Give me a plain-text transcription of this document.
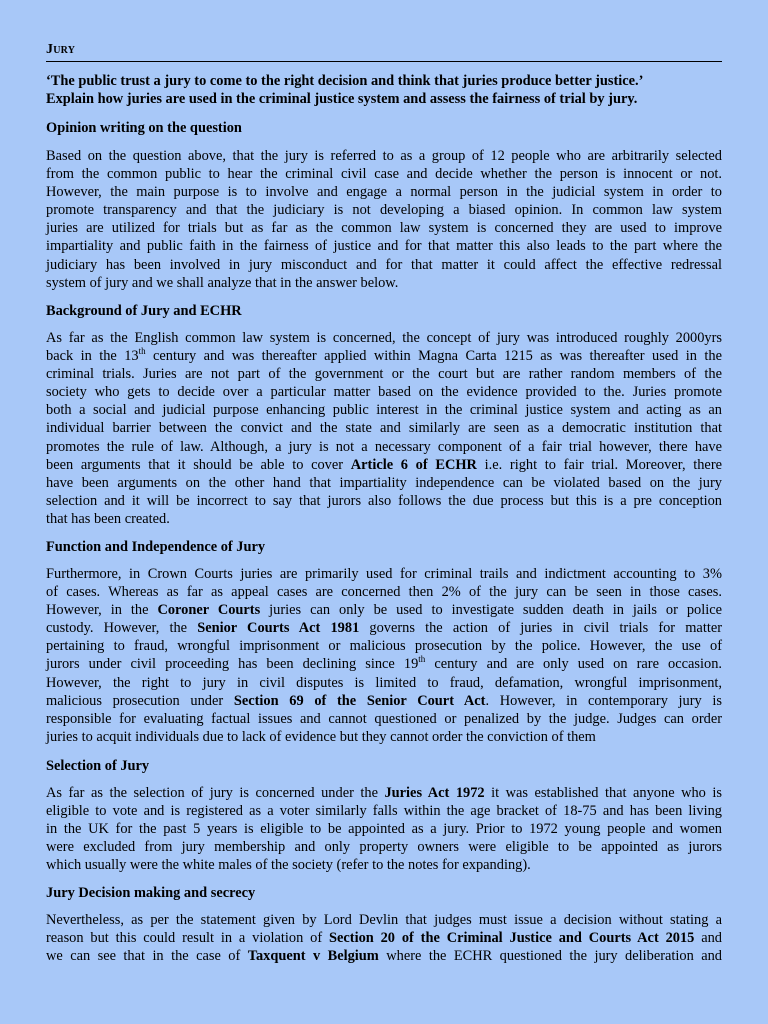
Jury
‘The public trust a jury to come to the right decision and think that juries produce better justice.’
Explain how juries are used in the criminal justice system and assess the fairness of trial by jury.
Opinion writing on the question
Based on the question above, that the jury is referred to as a group of 12 people who are arbitrarily selected
from the common public to hear the criminal civil case and decide whether the person is innocent or not.
However, the main purpose is to involve and engage a normal person in the judicial system in order to
promote transparency and that the judiciary is not developing a biased opinion. In common law system
juries are utilized for trials but as far as the common law system is concerned they are used to improve
impartiality and public faith in the fairness of justice and for that matter this also leads to the part where the
judiciary has been involved in jury misconduct and for that matter it could affect the effective redressal
system of jury and we shall analyze that in the answer below.
Background of Jury and ECHR
As far as the English common law system is concerned, the concept of jury was introduced roughly 2000yrs
back in the 13th century and was thereafter applied within Magna Carta 1215 as was thereafter used in the
criminal trials. Juries are not part of the government or the court but are rather random members of the
society who gets to decide over a particular matter based on the evidence provided to the. Juries promote
both a social and judicial purpose enhancing public interest in the criminal justice system and acting as an
individual barrier between the convict and the state and similarly are seen as a democratic institution that
promotes the rule of law. Although, a jury is not a necessary component of a fair trial however, there have
been arguments that it should be able to cover Article 6 of ECHR i.e. right to fair trial. Moreover, there
have been arguments on the other hand that impartiality independence can be violated based on the jury
selection and it will be incorrect to say that jurors also follows the due process but this is a pre conception
that has been created.
Function and Independence of Jury
Furthermore, in Crown Courts juries are primarily used for criminal trails and indictment accounting to 3%
of cases. Whereas as far as appeal cases are concerned then 2% of the jury can be seen in those cases.
However, in the Coroner Courts juries can only be used to investigate sudden death in jails or police
custody. However, the Senior Courts Act 1981 governs the action of juries in civil trials for matter
pertaining to fraud, wrongful imprisonment or malicious prosecution by the police. However, the use of
jurors under civil proceeding has been declining since 19th century and are only used on rare occasion.
However, the right to jury in civil disputes is limited to fraud, defamation, wrongful imprisonment,
malicious prosecution under Section 69 of the Senior Court Act. However, in contemporary jury is
responsible for evaluating factual issues and cannot questioned or penalized by the judge. Judges can order
juries to acquit individuals due to lack of evidence but they cannot order the conviction of them
Selection of Jury
As far as the selection of jury is concerned under the Juries Act 1972 it was established that anyone who is
eligible to vote and is registered as a voter similarly falls within the age bracket of 18-75 and has been living
in the UK for the past 5 years is eligible to be appointed as a jury. Prior to 1972 young people and women
were excluded from jury membership and only property owners were eligible to be appointed as jurors
which usually were the white males of the society (refer to the notes for expanding).
Jury Decision making and secrecy
Nevertheless, as per the statement given by Lord Devlin that judges must issue a decision without stating a
reason but this could result in a violation of Section 20 of the Criminal Justice and Courts Act 2015 and
we can see that in the case of Taxquent v Belgium where the ECHR questioned the jury deliberation and
